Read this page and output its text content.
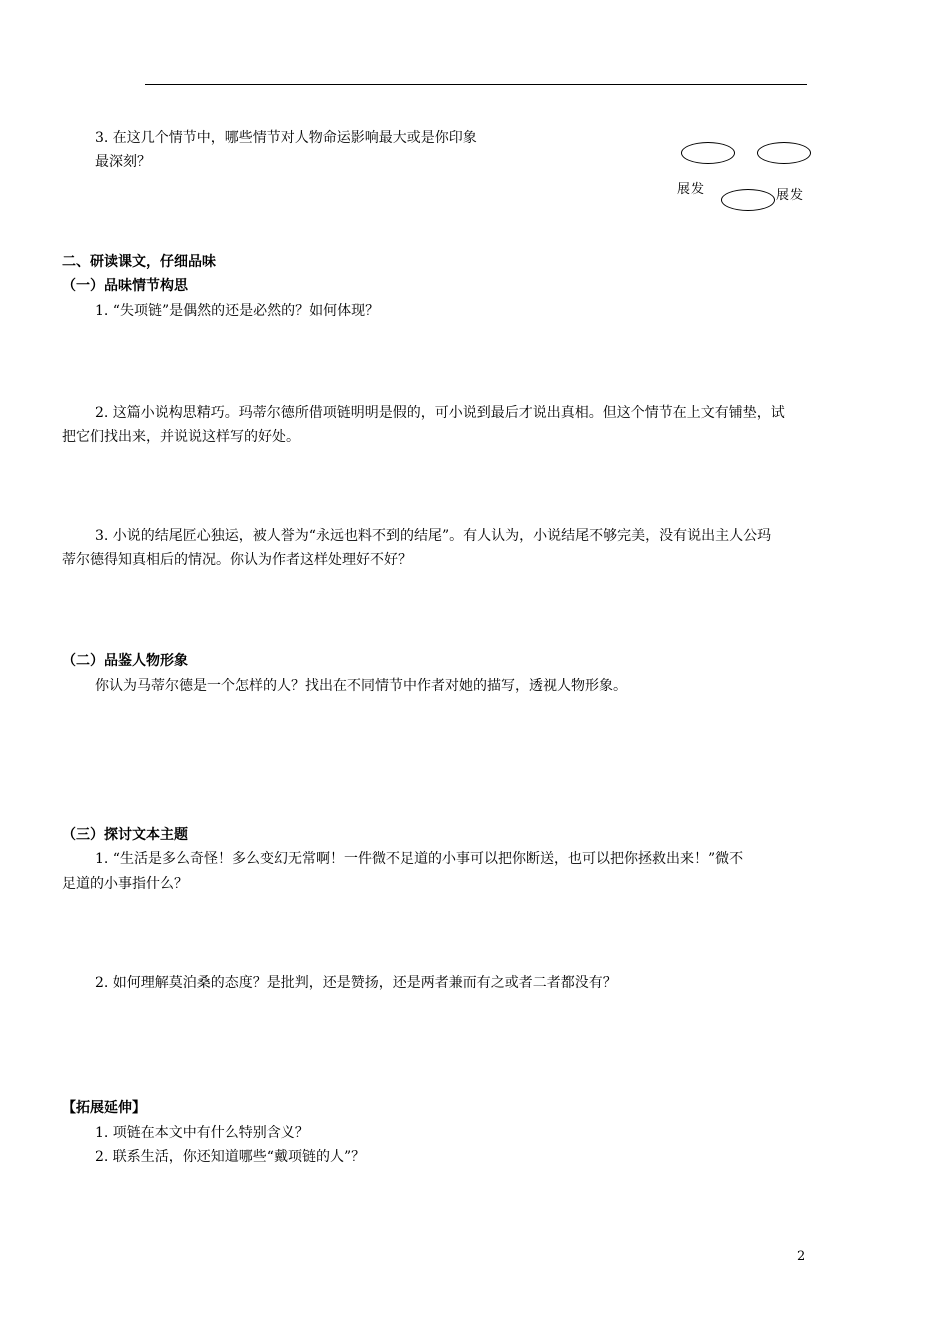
3. 在这几个情节中，哪些情节对人物命运影响最大或是你印象
最深刻？
展发	展发
二、研读课文，仔细品味
（一）品味情节构思
1. “失项链”是偶然的还是必然的？如何体现？
2. 这篇小说构思精巧。玛蒂尔德所借项链明明是假的，可小说到最后才说出真相。但这个情节在上文有铺垫，试
把它们找出来，并说说这样写的好处。
3. 小说的结尾匠心独运，被人誉为“永远也料不到的结尾”。有人认为，小说结尾不够完美，没有说出主人公玛
蒂尔德得知真相后的情况。你认为作者这样处理好不好？
（二）品鉴人物形象
你认为马蒂尔德是一个怎样的人？找出在不同情节中作者对她的描写，透视人物形象。
（三）探讨文本主题
1. “生活是多么奇怪！多么变幻无常啊！一件微不足道的小事可以把你断送，也可以把你拯救出来！”微不
足道的小事指什么？
2. 如何理解莫泊桑的态度？是批判，还是赞扬，还是两者兼而有之或者二者都没有？
【拓展延伸】
1. 项链在本文中有什么特别含义？
2. 联系生活，你还知道哪些“戴项链的人”？
2
